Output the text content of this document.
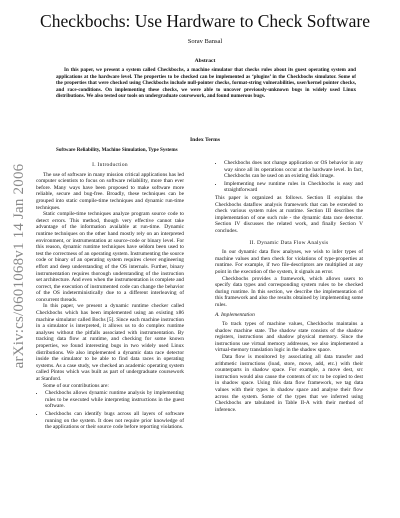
arXiv:cs/0601068v1 14 Jan 2006
Checkbochs: Use Hardware to Check Software
Sorav Bansal
Abstract

In this paper, we present a system called Checkbochs, a machine simulator that checks rules about its guest operating system and applications at the hardware level. The properties to be checked can be implemented as ‘plugins’ in the Checkbochs simulator. Some of the properties that were checked using Checkbochs include null-pointer checks, format-string vulnerabilities, user/kernel pointer checks, and race-conditions. On implementing these checks, we were able to uncover previously-unknown bugs in widely used Linux distributions. We also tested our tools on undergraduate coursework, and found numerous bugs.

Index Terms
Software Reliability, Machine Simulation, Type Systems
I. Introduction

The use of software in many mission critical applications has led computer scientists to focus on software reliability, more than ever before. Many ways have been proposed to make software more reliable, secure and bug-free. Broadly, these techniques can be grouped into static compile-time techniques and dynamic run-time techniques.

Static compile-time techniques analyze program source code to detect errors. This method, though very effective cannot take advantage of the information available at run-time. Dynamic runtime techniques on the other hand mostly rely on an interpreted environment, or instrumentation at source-code or binary level. For this reason, dynamic runtime techniques have seldom been used to test the correctness of an operating system. Instrumenting the source code or binary of an operating system requires clever engineering effort and deep understanding of the OS internals. Further, binary instrumentation requires thorough understanding of the instruction set architecture. And even when the instrumentation is complete and correct, the execution of instrumented code can change the behavior of the OS indeterministically due to a different interleaving of concurrent threads.

In this paper, we present a dynamic runtime checker called Checkbochs which has been implemented using an existing x86 machine simulator called Bochs [5]. Since each machine instruction in a simulator is interpreted, it allows us to do complex runtime analyses without the pitfalls associated with instrumentation. By tracking data flow at runtime, and checking for some known properties, we found interesting bugs in two widely used Linux distributions. We also implemented a dynamic data race detector inside the simulator to be able to find data races in operating systems. As a case study, we checked an academic operating system called Pintos which was built as part of undergraduate coursework at Stanford.

Some of our contributions are:

• Checkbochs allows dynamic runtime analysis by implementing rules to be executed while interpreting instructions in the guest software.
• Checkbochs can identify bugs across all layers of software running on the system. It does not require prior knowledge of the applications or their source code before reporting violations.
• Checkbochs does not change application or OS behavior in any way since all its operations occur at the hardware level. In fact, Checkbochs can be used on an existing disk image.
• Implementing new runtime rules in Checkbochs is easy and straightforward

This paper is organized as follows. Section II explains the Checkbochs dataflow analysis framework that can be extended to check various system rules at runtime. Section III describes the implementation of one such rule - the dynamic data race detector. Section IV discusses the related work, and finally Section V concludes.

II. Dynamic Data Flow Analysis

In our dynamic data flow analyses, we wish to infer types of machine values and then check for violations of type-properties at runtime. For example, if two file-descriptors are multiplied at any point in the execution of the system, it signals an error.

Checkbochs provides a framework, which allows users to specify data types and corresponding system rules to be checked during runtime. In this section, we describe the implementation of this framework and also the results obtained by implementing some rules.

A. Implementation

To track types of machine values, Checkbochs maintains a shadow machine state. The shadow state consists of the shadow registers, instructions and shadow physical memory. Since the instructions use virtual memory addresses, we also implemented a virtual-memory translation logic in the shadow space.

Data flow is monitored by associating all data transfer and arithmetic instructions (load, store, move, add, etc.) with their counterparts in shadow space. For example, a move dest, src instruction would also cause the contents of src to be copied to dest in shadow space. Using this data flow framework, we tag data values with their types in shadow space and analyse their flow across the system. Some of the types that we inferred using Checkbochs are tabulated in Table II-A with their method of inference.
